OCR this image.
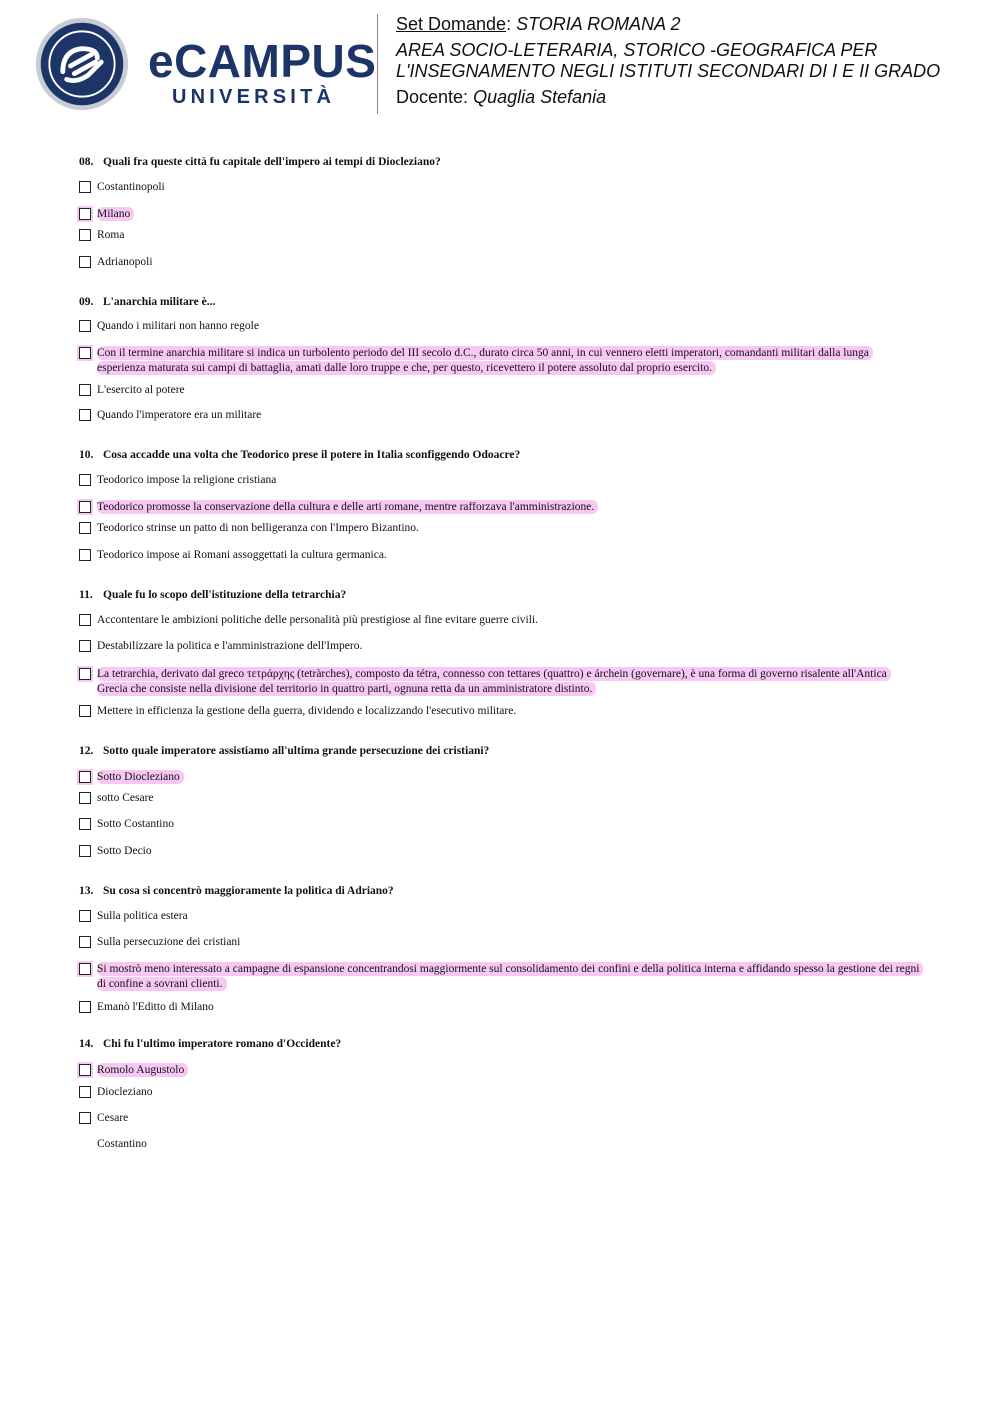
eCAMPUS
UNIVERSITÀ
Set Domande: STORIA ROMANA 2
AREA SOCIO-LETERARIA, STORICO -GEOGRAFICA PER
L'INSEGNAMENTO NEGLI ISTITUTI SECONDARI DI I E II GRADO
Docente: Quaglia Stefania
08. Quali fra queste città fu capitale dell'impero ai tempi di Diocleziano?
Costantinopoli
Milano
Roma
Adrianopoli
09. L'anarchia militare è...
Quando i militari non hanno regole
Con il termine anarchia militare si indica un turbolento periodo del III secolo d.C., durato circa 50 anni, in cui vennero eletti imperatori, comandanti militari dalla lunga esperienza maturata sui campi di battaglia, amati dalle loro truppe e che, per questo, ricevettero il potere assoluto dal proprio esercito.
L'esercito al potere
Quando l'imperatore era un militare
10. Cosa accadde una volta che Teodorico prese il potere in Italia sconfiggendo Odoacre?
Teodorico impose la religione cristiana
Teodorico promosse la conservazione della cultura e delle arti romane, mentre rafforzava l'amministrazione.
Teodorico strinse un patto di non belligeranza con l'Impero Bizantino.
Teodorico impose ai Romani assoggettati la cultura germanica.
11. Quale fu lo scopo dell'istituzione della tetrarchia?
Accontentare le ambizioni politiche delle personalità più prestigiose al fine evitare guerre civili.
Destabilizzare la politica e l'amministrazione dell'Impero.
La tetrarchia, derivato dal greco τετράρχης (tetràrches), composto da tétra, connesso con tettares (quattro) e árchein (governare), è una forma di governo risalente all'Antica Grecia che consiste nella divisione del territorio in quattro parti, ognuna retta da un amministratore distinto.
Mettere in efficienza la gestione della guerra, dividendo e localizzando l'esecutivo militare.
12. Sotto quale imperatore assistiamo all'ultima grande persecuzione dei cristiani?
Sotto Diocleziano
sotto Cesare
Sotto Costantino
Sotto Decio
13. Su cosa si concentrò maggioramente la politica di Adriano?
Sulla politica estera
Sulla persecuzione dei cristiani
Si mostrò meno interessato a campagne di espansione concentrandosi maggiormente sul consolidamento dei confini e della politica interna e affidando spesso la gestione dei regni di confine a sovrani clienti.
Emanò l'Editto di Milano
14. Chi fu l'ultimo imperatore romano d'Occidente?
Romolo Augustolo
Diocleziano
Cesare
Costantino
